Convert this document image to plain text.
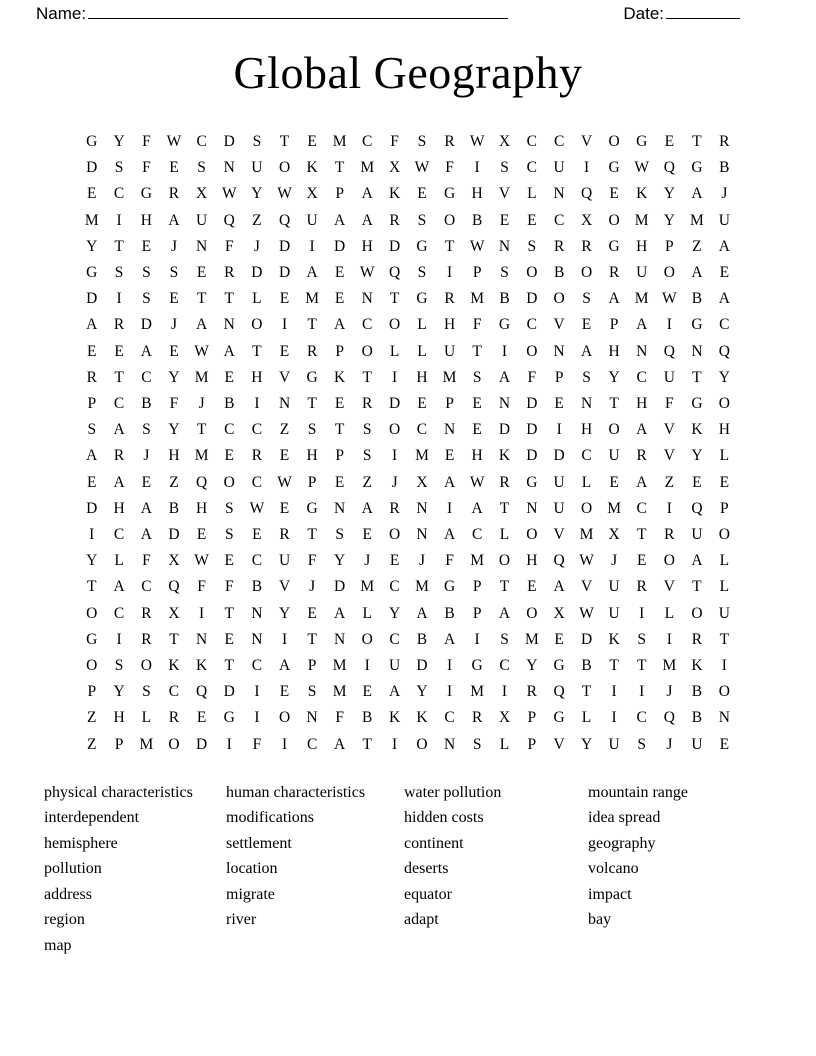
Name:	Date:
Global Geography
G	Y	F	W	C	D	S	T	E	M	C	F	S	R	W	X	C	C	V	O	G	E	T	R
D	S	F	E	S	N	U	O	K	T	M	X	W	F	I	S	C	U	I	G	W	Q	G	B
E	C	G	R	X	W	Y	W	X	P	A	K	E	G	H	V	L	N	Q	E	K	Y	A	J
M	I	H	A	U	Q	Z	Q	U	A	A	R	S	O	B	E	E	C	X	O	M	Y	M	U
Y	T	E	J	N	F	J	D	I	D	H	D	G	T	W	N	S	R	R	G	H	P	Z	A
G	S	S	S	E	R	D	D	A	E	W	Q	S	I	P	S	O	B	O	R	U	O	A	E
D	I	S	E	T	T	L	E	M	E	N	T	G	R	M	B	D	O	S	A	M	W	B	A
A	R	D	J	A	N	O	I	T	A	C	O	L	H	F	G	C	V	E	P	A	I	G	C
E	E	A	E	W	A	T	E	R	P	O	L	L	U	T	I	O	N	A	H	N	Q	N	Q
R	T	C	Y	M	E	H	V	G	K	T	I	H	M	S	A	F	P	S	Y	C	U	T	Y
P	C	B	F	J	B	I	N	T	E	R	D	E	P	E	N	D	E	N	T	H	F	G	O
S	A	S	Y	T	C	C	Z	S	T	S	O	C	N	E	D	D	I	H	O	A	V	K	H
A	R	J	H	M	E	R	E	H	P	S	I	M	E	H	K	D	D	C	U	R	V	Y	L
E	A	E	Z	Q	O	C	W	P	E	Z	J	X	A	W	R	G	U	L	E	A	Z	E	E
D	H	A	B	H	S	W	E	G	N	A	R	N	I	A	T	N	U	O	M	C	I	Q	P
I	C	A	D	E	S	E	R	T	S	E	O	N	A	C	L	O	V	M	X	T	R	U	O
Y	L	F	X	W	E	C	U	F	Y	J	E	J	F	M	O	H	Q	W	J	E	O	A	L
T	A	C	Q	F	F	B	V	J	D	M	C	M	G	P	T	E	A	V	U	R	V	T	L
O	C	R	X	I	T	N	Y	E	A	L	Y	A	B	P	A	O	X	W	U	I	L	O	U
G	I	R	T	N	E	N	I	T	N	O	C	B	A	I	S	M	E	D	K	S	I	R	T
O	S	O	K	K	T	C	A	P	M	I	U	D	I	G	C	Y	G	B	T	T	M	K	I
P	Y	S	C	Q	D	I	E	S	M	E	A	Y	I	M	I	R	Q	T	I	I	J	B	O
Z	H	L	R	E	G	I	O	N	F	B	K	K	C	R	X	P	G	L	I	C	Q	B	N
Z	P	M	O	D	I	F	I	C	A	T	I	O	N	S	L	P	V	Y	U	S	J	U	E
physical characteristics
interdependent
hemisphere
pollution
address
region
map
human characteristics
modifications
settlement
location
migrate
river
water pollution
hidden costs
continent
deserts
equator
adapt
mountain range
idea spread
geography
volcano
impact
bay
